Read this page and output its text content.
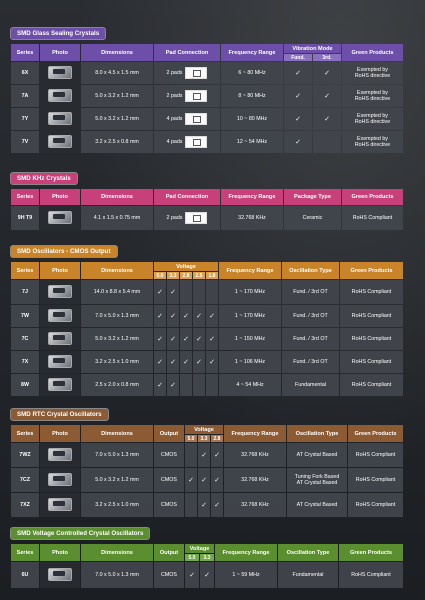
SMD Glass Sealing Crystals
Series	Photo	Dimensions	Pad Connection	Frequency Range	Vibration Mode		Green Products
					Fund.	3rd.	
6X		8.0 x 4.5 x 1.5 mm	2 pads	6 ~ 80 MHz	✓	✓	Exempted by
RoHS directive
7A		5.0 x 3.2 x 1.2 mm	2 pads	8 ~ 80 MHz	✓	✓	Exempted by
RoHS directive
7Y		5.0 x 3.2 x 1.2 mm	4 pads	10 ~ 80 MHz	✓	✓	Exempted by
RoHS directive
7V		3.2 x 2.5 x 0.8 mm	4 pads	12 ~ 54 MHz	✓		Exempted by
RoHS directive
SMD KHz Crystals
Series	Photo	Dimensions	Pad Connection	Frequency Range	Package Type	Green Products
9H T9		4.1 x 1.5 x 0.75 mm	2 pads	32.768 KHz	Ceramic	RoHS Compliant
SMD Oscillators - CMOS Output
Series	Photo	Dimensions	Voltage					Frequency Range	Oscillation Type	Green Products
			5.0	3.3	2.8	2.5	1.8			
7J		14.0 x 8.8 x 5.4 mm	✓	✓				1 ~ 170 MHz	Fund. / 3rd OT	RoHS Compliant
7W		7.0 x 5.0 x 1.3 mm	✓	✓	✓	✓	✓	1 ~ 170 MHz	Fund. / 3rd OT	RoHS Compliant
7C		5.0 x 3.2 x 1.2 mm	✓	✓	✓	✓	✓	1 ~ 150 MHz	Fund. / 3rd OT	RoHS Compliant
7X		3.2 x 2.5 x 1.0 mm	✓	✓	✓	✓	✓	1 ~ 106 MHz	Fund. / 3rd OT	RoHS Compliant
8W		2.5 x 2.0 x 0.8 mm	✓	✓				4 ~ 54 MHz	Fundamental	RoHS Compliant
SMD RTC Crystal Oscillators
Series	Photo	Dimensions	Output	Voltage			Frequency Range	Oscillation Type	Green Products
				5.0	3.3	2.8			
7WZ		7.0 x 5.0 x 1.3 mm	CMOS		✓	✓	32.768 KHz	AT Crystal Based	RoHS Compliant
7CZ		5.0 x 3.2 x 1.2 mm	CMOS	✓	✓	✓	32.768 KHz	Tuning Fork Based
AT Crystal Based	RoHS Compliant
7XZ		3.2 x 2.5 x 1.0 mm	CMOS		✓	✓	32.768 KHz	AT Crystal Based	RoHS Compliant
SMD Voltage Controlled Crystal Oscillators
Series	Photo	Dimensions	Output	Voltage		Frequency Range	Oscillation Type	Green Products
				5.0	3.3			
6U		7.0 x 5.0 x 1.3 mm	CMOS	✓	✓	1 ~ 59 MHz	Fundamental	RoHS Compliant
